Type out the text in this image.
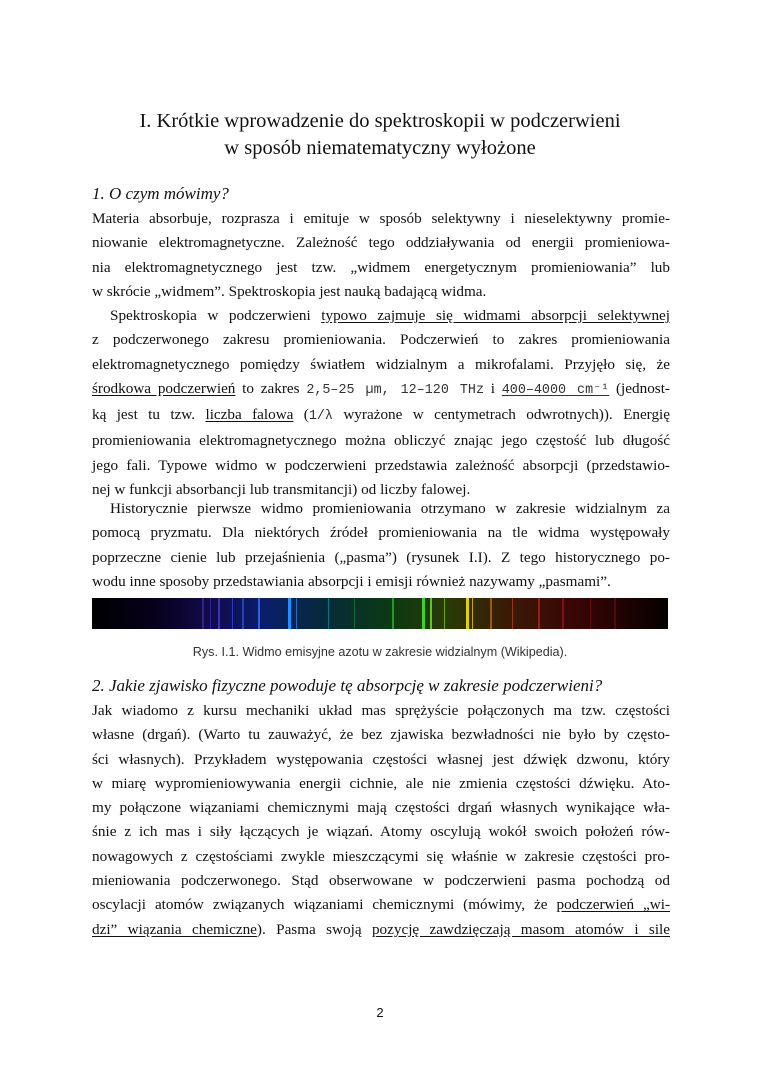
I. Krótkie wprowadzenie do spektroskopii w podczerwieni
w sposób niematematyczny wyłożone
1. O czym mówimy?
Materia absorbuje, rozprasza i emituje w sposób selektywny i nieselektywny promie-
niowanie elektromagnetyczne. Zależność tego oddziaływania od energii promieniowa-
nia elektromagnetycznego jest tzw. „widmem energetycznym promieniowania” lub
w skrócie „widmem”. Spektroskopia jest nauką badającą widma.
Spektroskopia w podczerwieni typowo zajmuje się widmami absorpcji selektywnej
z podczerwonego zakresu promieniowania. Podczerwień to zakres promieniowania
elektromagnetycznego pomiędzy światłem widzialnym a mikrofalami. Przyjęło się, że
środkowa podczerwień to zakres 2,5–25 µm, 12–120 THz i 400–4000 cm⁻¹ (jednost-
ką jest tu tzw. liczba falowa (1/λ wyrażone w centymetrach odwrotnych)). Energię
promieniowania elektromagnetycznego można obliczyć znając jego częstość lub długość
jego fali. Typowe widmo w podczerwieni przedstawia zależność absorpcji (przedstawio-
nej w funkcji absorbancji lub transmitancji) od liczby falowej.
Historycznie pierwsze widmo promieniowania otrzymano w zakresie widzialnym za
pomocą pryzmatu. Dla niektórych źródeł promieniowania na tle widma występowały
poprzeczne cienie lub przejaśnienia („pasma”) (rysunek I.I). Z tego historycznego po-
wodu inne sposoby przedstawiania absorpcji i emisji również nazywamy „pasmami”.
Rys. I.1. Widmo emisyjne azotu w zakresie widzialnym (Wikipedia).
2. Jakie zjawisko fizyczne powoduje tę absorpcję w zakresie podczerwieni?
Jak wiadomo z kursu mechaniki układ mas sprężyście połączonych ma tzw. częstości
własne (drgań). (Warto tu zauważyć, że bez zjawiska bezwładności nie było by często-
ści własnych). Przykładem występowania częstości własnej jest dźwięk dzwonu, który
w miarę wypromieniowywania energii cichnie, ale nie zmienia częstości dźwięku. Ato-
my połączone wiązaniami chemicznymi mają częstości drgań własnych wynikające wła-
śnie z ich mas i siły łączących je wiązań. Atomy oscylują wokół swoich położeń rów-
nowagowych z częstościami zwykle mieszczącymi się właśnie w zakresie częstości pro-
mieniowania podczerwonego. Stąd obserwowane w podczerwieni pasma pochodzą od
oscylacji atomów związanych wiązaniami chemicznymi (mówimy, że podczerwień „wi-
dzi” wiązania chemiczne). Pasma swoją pozycję zawdzięczają masom atomów i sile
2
